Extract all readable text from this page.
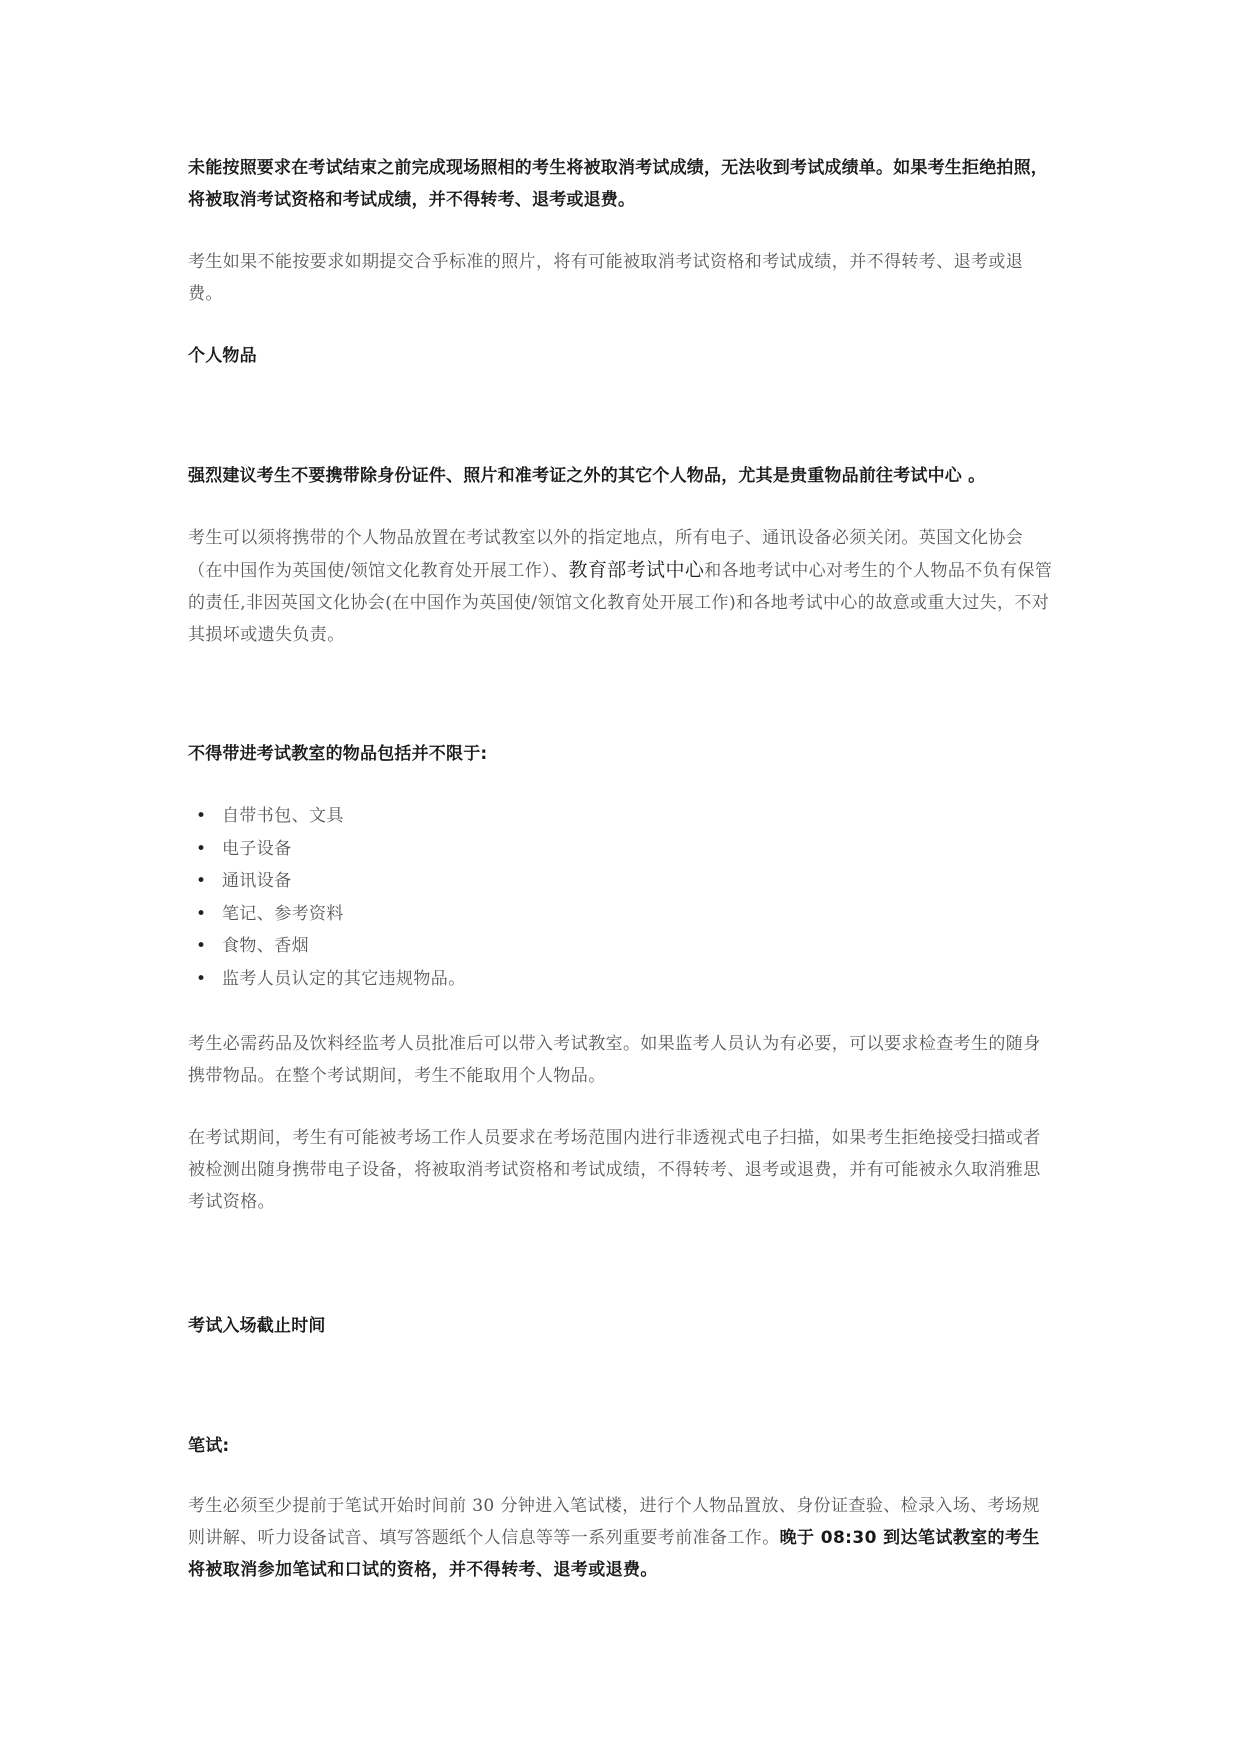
未能按照要求在考试结束之前完成现场照相的考生将被取消考试成绩，无法收到考试成绩单。如果考生拒绝拍照， 将被取消考试资格和考试成绩，并不得转考、退考或退费。

考生如果不能按要求如期提交合乎标准的照片，将有可能被取消考试资格和考试成绩，并不得转考、退考或退费。

个人物品

强烈建议考生不要携带除身份证件、照片和准考证之外的其它个人物品，尤其是贵重物品前往考试中心 。

考生可以须将携带的个人物品放置在考试教室以外的指定地点，所有电子、通讯设备必须关闭。英国文化协会（在中国作为英国使/领馆文化教育处开展工作）、教育部考试中心和各地考试中心对考生的个人物品不负有保管的责任,非因英国文化协会(在中国作为英国使/领馆文化教育处开展工作)和各地考试中心的故意或重大过失，不对其损坏或遗失负责。

不得带进考试教室的物品包括并不限于:

• 自带书包、文具
• 电子设备
• 通讯设备
• 笔记、参考资料
• 食物、香烟
• 监考人员认定的其它违规物品。

考生必需药品及饮料经监考人员批准后可以带入考试教室。如果监考人员认为有必要，可以要求检查考生的随身携带物品。在整个考试期间，考生不能取用个人物品。

在考试期间，考生有可能被考场工作人员要求在考场范围内进行非透视式电子扫描，如果考生拒绝接受扫描或者被检测出随身携带电子设备，将被取消考试资格和考试成绩，不得转考、退考或退费，并有可能被永久取消雅思考试资格。

考试入场截止时间

笔试:

考生必须至少提前于笔试开始时间前 30 分钟进入笔试楼，进行个人物品置放、身份证查验、检录入场、考场规则讲解、听力设备试音、填写答题纸个人信息等等一系列重要考前准备工作。晚于 08:30 到达笔试教室的考生将被取消参加笔试和口试的资格，并不得转考、退考或退费。
